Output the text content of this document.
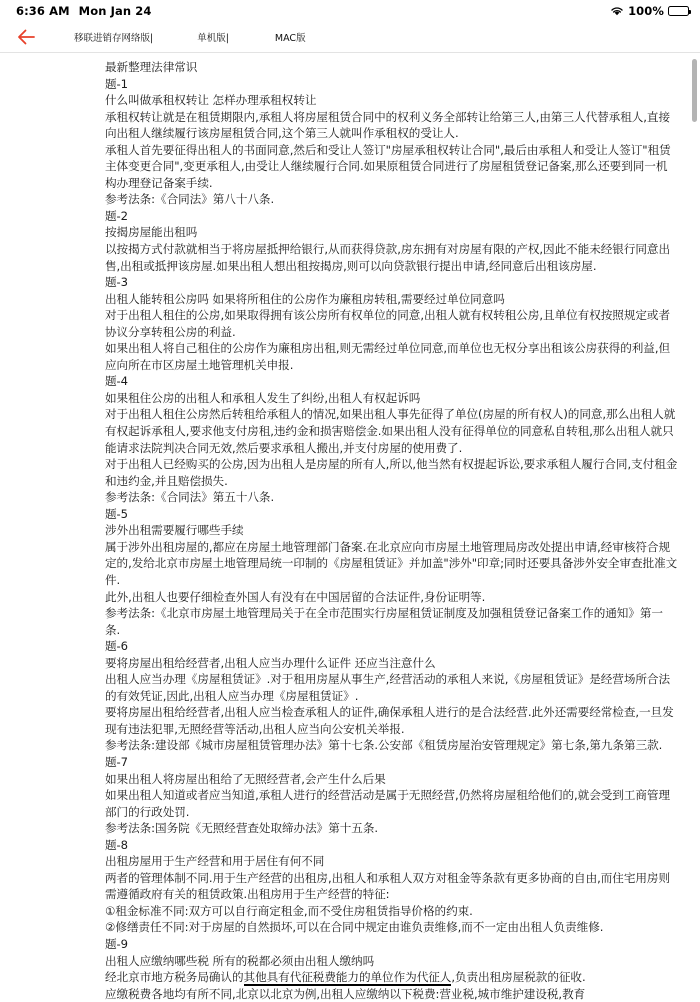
6:36 AM Mon Jan 24	100%
移联进销存网络版|	单机版|	MAC版

最新整理法律常识

题-1

什么叫做承租权转让 怎样办理承租权转让

承租权转让就是在租赁期限内,承租人将房屋租赁合同中的权利义务全部转让给第三人,由第三人代替承租人,直接向出租人继续履行该房屋租赁合同,这个第三人就叫作承租权的受让人.

承租人首先要征得出租人的书面同意,然后和受让人签订"房屋承租权转让合同",最后由承租人和受让人签订"租赁主体变更合同",变更承租人,由受让人继续履行合同.如果原租赁合同进行了房屋租赁登记备案,那么还要到同一机构办理登记备案手续.

参考法条:《合同法》第八十八条.

题-2

按揭房屋能出租吗

以按揭方式付款就相当于将房屋抵押给银行,从而获得贷款,房东拥有对房屋有限的产权,因此不能未经银行同意出售,出租或抵押该房屋.如果出租人想出租按揭房,则可以向贷款银行提出申请,经同意后出租该房屋.

题-3

出租人能转租公房吗 如果将所租住的公房作为廉租房转租,需要经过单位同意吗

对于出租人租住的公房,如果取得拥有该公房所有权单位的同意,出租人就有权转租公房,且单位有权按照规定或者协议分享转租公房的利益.

如果出租人将自己租住的公房作为廉租房出租,则无需经过单位同意,而单位也无权分享出租该公房获得的利益,但应向所在市区房屋土地管理机关申报.

题-4

如果租住公房的出租人和承租人发生了纠纷,出租人有权起诉吗

对于出租人租住公房然后转租给承租人的情况,如果出租人事先征得了单位(房屋的所有权人)的同意,那么出租人就有权起诉承租人,要求他支付房租,违约金和损害赔偿金.如果出租人没有征得单位的同意私自转租,那么出租人就只能请求法院判决合同无效,然后要求承租人搬出,并支付房屋的使用费了.

对于出租人已经购买的公房,因为出租人是房屋的所有人,所以,他当然有权提起诉讼,要求承租人履行合同,支付租金和违约金,并且赔偿损失.

参考法条:《合同法》第五十八条.

题-5

涉外出租需要履行哪些手续

属于涉外出租房屋的,都应在房屋土地管理部门备案.在北京应向市房屋土地管理局房改处提出申请,经审核符合规定的,发给北京市房屋土地管理局统一印制的《房屋租赁证》并加盖"涉外"印章;同时还要具备涉外安全审查批准文件.

此外,出租人也要仔细检查外国人有没有在中国居留的合法证件,身份证明等.

参考法条:《北京市房屋土地管理局关于在全市范围实行房屋租赁证制度及加强租赁登记备案工作的通知》第一条.

题-6

要将房屋出租给经营者,出租人应当办理什么证件 还应当注意什么

出租人应当办理《房屋租赁证》.对于租用房屋从事生产,经营活动的承租人来说,《房屋租赁证》是经营场所合法的有效凭证,因此,出租人应当办理《房屋租赁证》.

要将房屋出租给经营者,出租人应当检查承租人的证件,确保承租人进行的是合法经营.此外还需要经常检查,一旦发现有违法犯罪,无照经营等活动,出租人应当向公安机关举报.

参考法条:建设部《城市房屋租赁管理办法》第十七条.公安部《租赁房屋治安管理规定》第七条,第九条第三款.

题-7

如果出租人将房屋出租给了无照经营者,会产生什么后果

如果出租人知道或者应当知道,承租人进行的经营活动是属于无照经营,仍然将房屋租给他们的,就会受到工商管理部门的行政处罚.

参考法条:国务院《无照经营查处取缔办法》第十五条.

题-8

出租房屋用于生产经营和用于居住有何不同

两者的管理体制不同.用于生产经营的出租房,出租人和承租人双方对租金等条款有更多协商的自由,而住宅用房则需遵循政府有关的租赁政策.出租房用于生产经营的特征:

①租金标准不同:双方可以自行商定租金,而不受住房租赁指导价格的约束.

②修缮责任不同:对于房屋的自然损坏,可以在合同中规定由谁负责维修,而不一定由出租人负责维修.

题-9

出租人应缴纳哪些税 所有的税都必须由出租人缴纳吗

经北京市地方税务局确认的其他具有代征税费能力的单位作为代征人,负责出租房屋税款的征收.

应缴税费各地均有所不同,北京以北京为例,出租人应缴纳以下税费:营业税,城市维护建设税,教育
